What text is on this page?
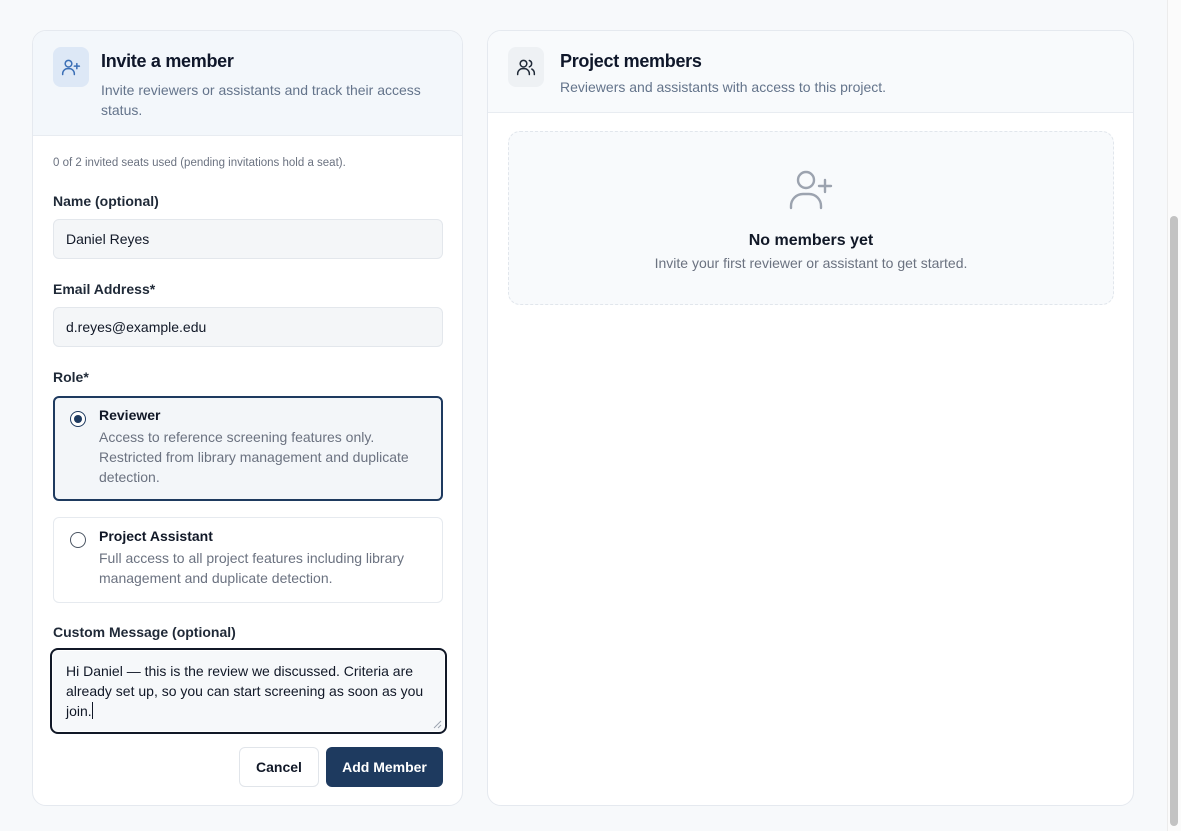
Invite a member
Invite reviewers or assistants and track their access status.
0 of 2 invited seats used (pending invitations hold a seat).
Name (optional)
Daniel Reyes
Email Address*
d.reyes@example.edu
Role*
Reviewer
Access to reference screening features only. Restricted from library management and duplicate detection.
Project Assistant
Full access to all project features including library management and duplicate detection.
Custom Message (optional)
Hi Daniel — this is the review we discussed. Criteria are already set up, so you can start screening as soon as you join.
Cancel	Add Member
Project members
Reviewers and assistants with access to this project.
No members yet
Invite your first reviewer or assistant to get started.
